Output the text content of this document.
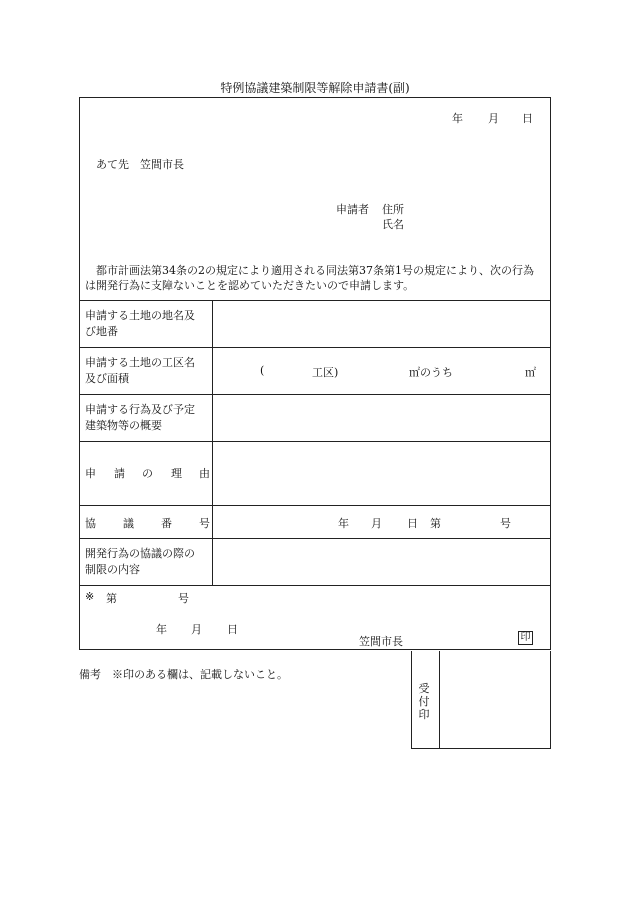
特例協議建築制限等解除申請書(副)
年 月 日
あて先　笠間市長
申請者 住所
氏名
都市計画法第34条の2の規定により適用される同法第37条第1号の規定により、次の行為
は開発行為に支障ないことを認めていただきたいので申請します。
申請する土地の地名及
び地番
申請する土地の工区名
及び面積
(	工区)	㎡のうち	㎡
申請する行為及び予定
建築物等の概要
申 請 の 理 由
協 議 番 号	年 月 日 第	号
開発行為の協議の際の
制限の内容
※ 第	号
年 月 日
笠間市長	印
備考　※印のある欄は、記載しないこと。
受
付
印
